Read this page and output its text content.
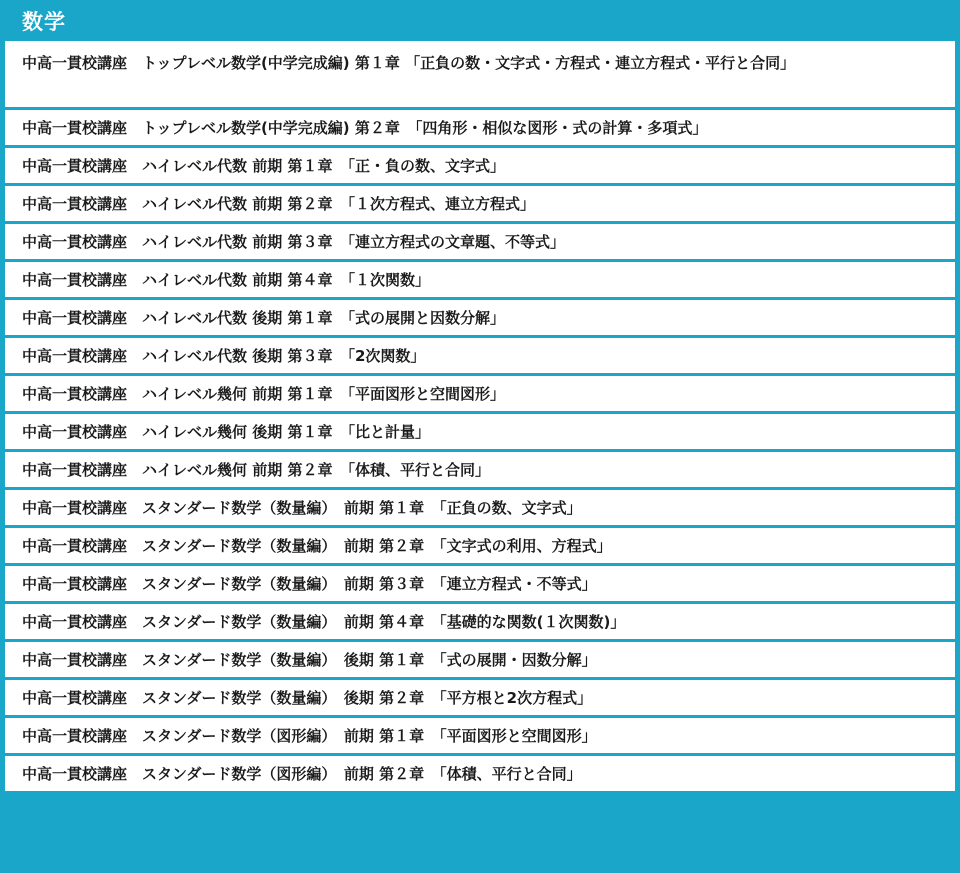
数学
中高一貫校講座　トップレベル数学(中学完成編) 第１章 「正負の数・文字式・方程式・連立方程式・平行と合同」
中高一貫校講座　トップレベル数学(中学完成編) 第２章　「四角形・相似な図形・式の計算・多項式」
中高一貫校講座　ハイレベル代数 前期 第１章　「正・負の数、文字式」
中高一貫校講座　ハイレベル代数 前期 第２章　「１次方程式、連立方程式」
中高一貫校講座　ハイレベル代数 前期 第３章　「連立方程式の文章題、不等式」
中高一貫校講座　ハイレベル代数 前期 第４章　「１次関数」
中高一貫校講座　ハイレベル代数 後期 第１章　「式の展開と因数分解」
中高一貫校講座　ハイレベル代数 後期 第３章　「2次関数」
中高一貫校講座　ハイレベル幾何 前期 第１章　「平面図形と空間図形」
中高一貫校講座　ハイレベル幾何 後期 第１章　「比と計量」
中高一貫校講座　ハイレベル幾何 前期 第２章　「体積、平行と合同」
中高一貫校講座　スタンダード数学（数量編）　前期 第１章　「正負の数、文字式」
中高一貫校講座　スタンダード数学（数量編）　前期 第２章　「文字式の利用、方程式」
中高一貫校講座　スタンダード数学（数量編）　前期 第３章　「連立方程式・不等式」
中高一貫校講座　スタンダード数学（数量編）　前期 第４章　「基礎的な関数(１次関数)」
中高一貫校講座　スタンダード数学（数量編）　後期 第１章　「式の展開・因数分解」
中高一貫校講座　スタンダード数学（数量編）　後期 第２章　「平方根と2次方程式」
中高一貫校講座　スタンダード数学（図形編）　前期 第１章　「平面図形と空間図形」
中高一貫校講座　スタンダード数学（図形編）　前期 第２章　「体積、平行と合同」
